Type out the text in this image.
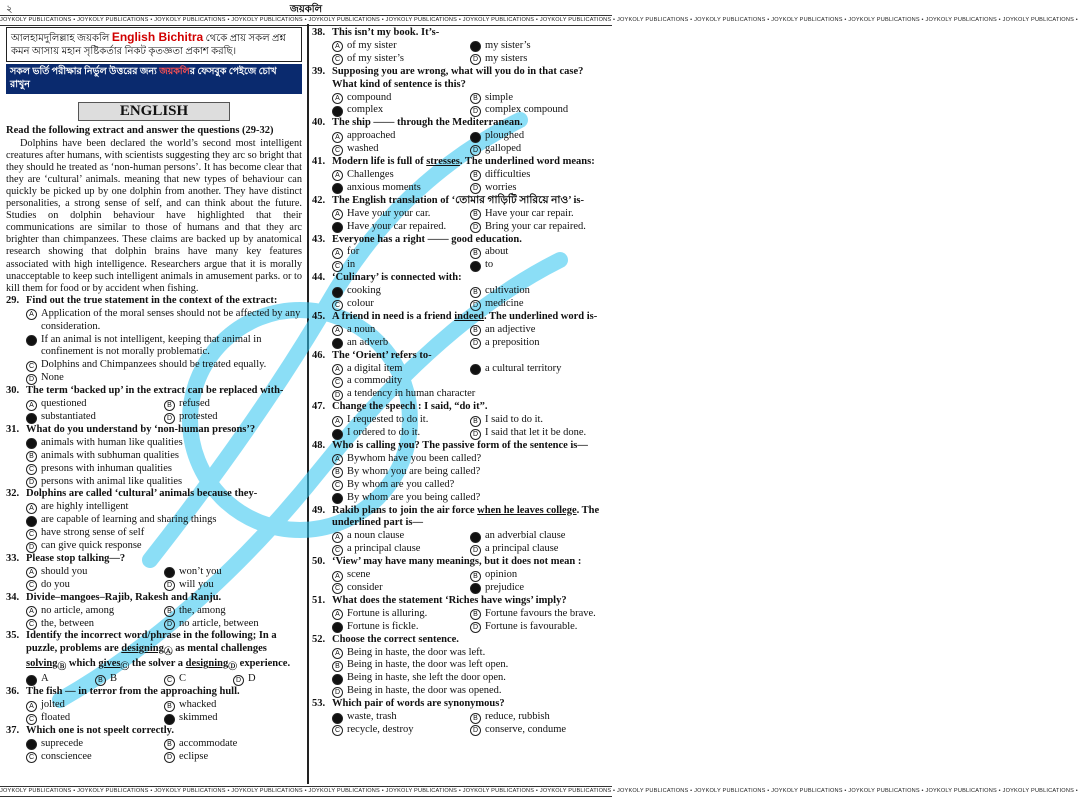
২	জয়কলি
JOYKOLY PUBLICATIONS • JOYKOLY PUBLICATIONS • JOYKOLY PUBLICATIONS • JOYKOLY PUBLICATIONS • JOYKOLY PUBLICATIONS • JOYKOLY PUBLICATIONS • JOYKOLY PUBLICATIONS • JOYKOLY PUBLICATIONS • JOYKOLY PUBLICATIONS • JOYKOLY PUBLICATIONS • JOYKOLY PUBLICATIONS • JOYKOLY PUBLICATIONS • JOYKOLY PUBLICATIONS • JOYKOLY PUBLICATIONS •
JOYKOLY PUBLICATIONS • JOYKOLY PUBLICATIONS • JOYKOLY PUBLICATIONS • JOYKOLY PUBLICATIONS • JOYKOLY PUBLICATIONS • JOYKOLY PUBLICATIONS • JOYKOLY PUBLICATIONS • JOYKOLY PUBLICATIONS • JOYKOLY PUBLICATIONS • JOYKOLY PUBLICATIONS • JOYKOLY PUBLICATIONS • JOYKOLY PUBLICATIONS • JOYKOLY PUBLICATIONS • JOYKOLY PUBLICATIONS •
আলহামদুলিল্লাহ জয়কলি English Bichitra থেকে প্রায় সকল প্রশ্ন কমন আসায় মহান সৃষ্টিকর্তার নিকট কৃতজ্ঞতা প্রকাশ করছি।
সকল ভর্তি পরীক্ষার নির্ভুল উত্তরের জন্য জয়কলির ফেসবুক পেইজে চোখ রাখুন
ENGLISH
Read the following extract and answer the questions (29-32)
Dolphins have been declared the world’s second most intelligent creatures after humans, with scientists suggesting they arc so bright that they should he treated as ‘non-human persons’. It has become clear that they are ‘cultural’ animals. meaning that new types of behaviour can quickly be picked up by one dolphin from another. They have distinct personalities, a strong sense of self, and can think about the future. Studies on dolphin behaviour have highlighted that their communications are similar to those of humans and that they arc brighter than chimpanzees. These claims are backed up by anatomical research showing that dolphin brains have many key features associated with high intelligence. Researchers argue that it is morally unacceptable to keep such intelligent animals in amusement parks. or to kill them for food or by accident when fishing.
29. Find out the true statement in the context of the extract:
A Application of the moral senses should not be affected by any consideration.
B If an animal is not intelligent, keeping that animal in confinement is not morally problematic.
C Dolphins and Chimpanzees should be treated equally.
D None
30. The term ‘backed up’ in the extract can be replaced with-
A questioned	B refused
C substantiated	D protested
31. What do you understand by ‘non-human presons’?
A animals with human like qualities
B animals with subhuman qualities
C presons with inhuman qualities
D persons with animal like qualities
32. Dolphins are called ‘cultural’ animals because they-
A are highly intelligent
B are capable of learning and sharing things
C have strong sense of self
D can give quick response
33. Please stop talking—?
A should you	B won’t you
C do you	D will you
34. Divide–mangoes–Rajib, Rakesh and Ranju.
A no article, among	B the, among
C the, between	D no article, between
35. Identify the incorrect word/phrase in the following; In a puzzle, problems are designing$_Ⓐ$ as mental challenges solving$_Ⓑ$ which gives$_Ⓒ$ the solver a designing$_Ⓓ$ experience.
A A	B B	C C	D D
36. The fish — in terror from the approaching hull.
A jolted	B whacked
C floated	D skimmed
37. Which one is not speelt correctly.
A suprecede	B accommodate
C consciencee	D eclipse
38. This isn’t my book. It’s-
A of my sister	B my sister’s
C of my sister’s	D my sisters
39. Supposing you are wrong, what will you do in that case? What kind of sentence is this?
A compound	B simple
C complex	D complex compound
40. The ship —— through the Mediterranean.
A approached	B ploughed
C washed	D galloped
41. Modern life is full of stresses. The underlined word means:
A Challenges	B difficulties
C anxious moments	D worries
42. The English translation of ‘তোমার গাড়িটি সারিয়ে নাও’ is-
A Have your your car.	B Have your car repair.
C Have your car repaired.	D Bring your car repaired.
43. Everyone has a right —— good education.
A for	B about
C in	D to
44. ‘Culinary’ is connected with:
A cooking	B cultivation
C colour	D medicine
45. A friend in need is a friend indeed. The underlined word is-
A a noun	B an adjective
C an adverb	D a preposition
46. The ‘Orient’ refers to-
A a digital item	B a cultural territory
C a commodity
D a tendency in human character
47. Change the speech : I said, “do it”.
A I requested to do it.	B I said to do it.
C I ordered to do it.	D I said that let it be done.
48. Who is calling you? The passive form of the sentence is—
A Bywhom have you been called?
B By whom you are being called?
C By whom are you called?
D By whom are you being called?
49. Rakib plans to join the air force when he leaves college. The underlined part is—
A a noun clause	B an adverbial clause
C a principal clause	D a principal clause
50. ‘View’ may have many meanings, but it does not mean :
A scene	B opinion
C consider	D prejudice
51. What does the statement ‘Riches have wings’ imply?
A Fortune is alluring.	B Fortune favours the brave.
C Fortune is fickle.	D Fortune is favourable.
52. Choose the correct sentence.
A Being in haste, the door was left.
B Being in haste, the door was left open.
C Being in haste, she left the door open.
D Being in haste, the door was opened.
53. Which pair of words are synonymous?
A waste, trash	B reduce, rubbish
C recycle, destroy	D conserve, condume
